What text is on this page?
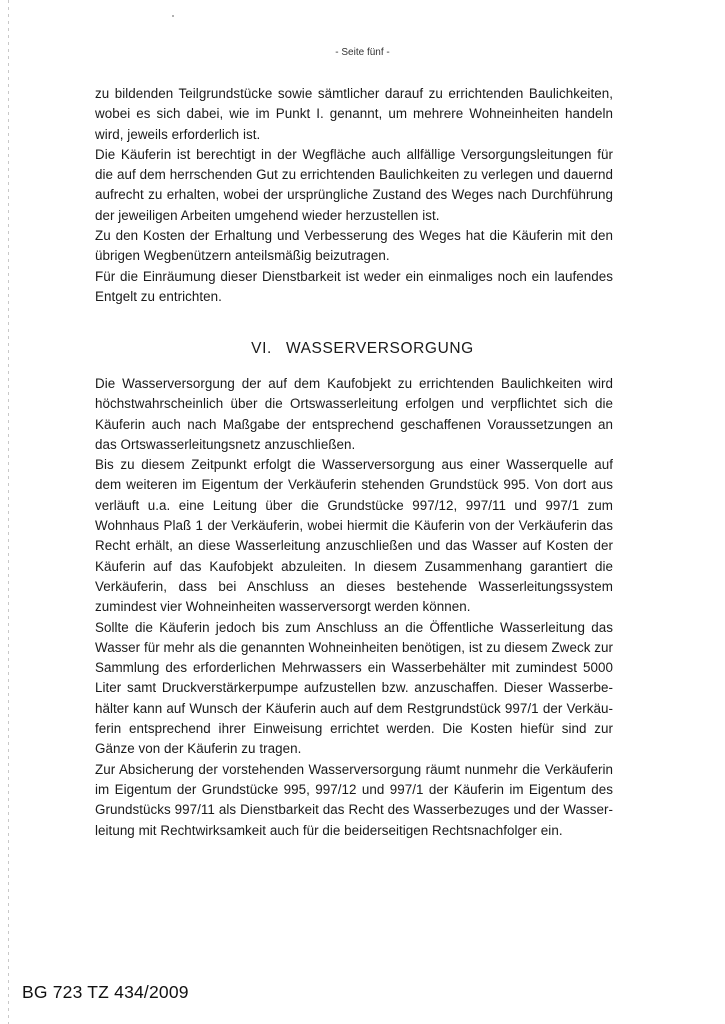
- Seite fünf -

zu bildenden Teilgrundstücke sowie sämtlicher darauf zu errichtenden Baulichkeiten, wobei es sich dabei, wie im Punkt I. genannt, um mehrere Wohneinheiten handeln wird, jeweils erforderlich ist.

Die Käuferin ist berechtigt in der Wegfläche auch allfällige Versorgungsleitungen für die auf dem herrschenden Gut zu errichtenden Baulichkeiten zu verlegen und dauernd aufrecht zu erhalten, wobei der ursprüngliche Zustand des Weges nach Durchführung der jeweiligen Arbeiten umgehend wieder herzustellen ist.

Zu den Kosten der Erhaltung und Verbesserung des Weges hat die Käuferin mit den übrigen Wegbenützern anteilsmäßig beizutragen.

Für die Einräumung dieser Dienstbarkeit ist weder ein einmaliges noch ein laufendes Entgelt zu entrichten.

VI. WASSERVERSORGUNG

Die Wasserversorgung der auf dem Kaufobjekt zu errichtenden Baulichkeiten wird höchstwahrscheinlich über die Ortswasserleitung erfolgen und verpflichtet sich die Käuferin auch nach Maßgabe der entsprechend geschaffenen Voraussetzungen an das Ortswasserleitungsnetz anzuschließen.

Bis zu diesem Zeitpunkt erfolgt die Wasserversorgung aus einer Wasserquelle auf dem weiteren im Eigentum der Verkäuferin stehenden Grundstück 995. Von dort aus verläuft u.a. eine Leitung über die Grundstücke 997/12, 997/11 und 997/1 zum Wohnhaus Plaß 1 der Verkäuferin, wobei hiermit die Käuferin von der Verkäuferin das Recht erhält, an diese Wasserleitung anzuschließen und das Wasser auf Kosten der Käuferin auf das Kaufobjekt abzuleiten. In diesem Zusammenhang garantiert die Verkäuferin, dass bei Anschluss an dieses bestehende Wasserleitungssystem zumindest vier Wohneinheiten wasserversorgt werden können.

Sollte die Käuferin jedoch bis zum Anschluss an die Öffentliche Wasserleitung das Wasser für mehr als die genannten Wohneinheiten benötigen, ist zu diesem Zweck zur Sammlung des erforderlichen Mehrwassers ein Wasserbehälter mit zumindest 5000 Liter samt Druckverstärkerpumpe aufzustellen bzw. anzuschaffen. Dieser Wasserbehälter kann auf Wunsch der Käuferin auch auf dem Restgrundstück 997/1 der Verkäuferin entsprechend ihrer Einweisung errichtet werden. Die Kosten hiefür sind zur Gänze von der Käuferin zu tragen.

Zur Absicherung der vorstehenden Wasserversorgung räumt nunmehr die Verkäuferin im Eigentum der Grundstücke 995, 997/12 und 997/1 der Käuferin im Eigentum des Grundstücks 997/11 als Dienstbarkeit das Recht des Wasserbezuges und der Wasserleitung mit Rechtwirksamkeit auch für die beiderseitigen Rechtsnachfolger ein.

BG 723 TZ 434/2009
